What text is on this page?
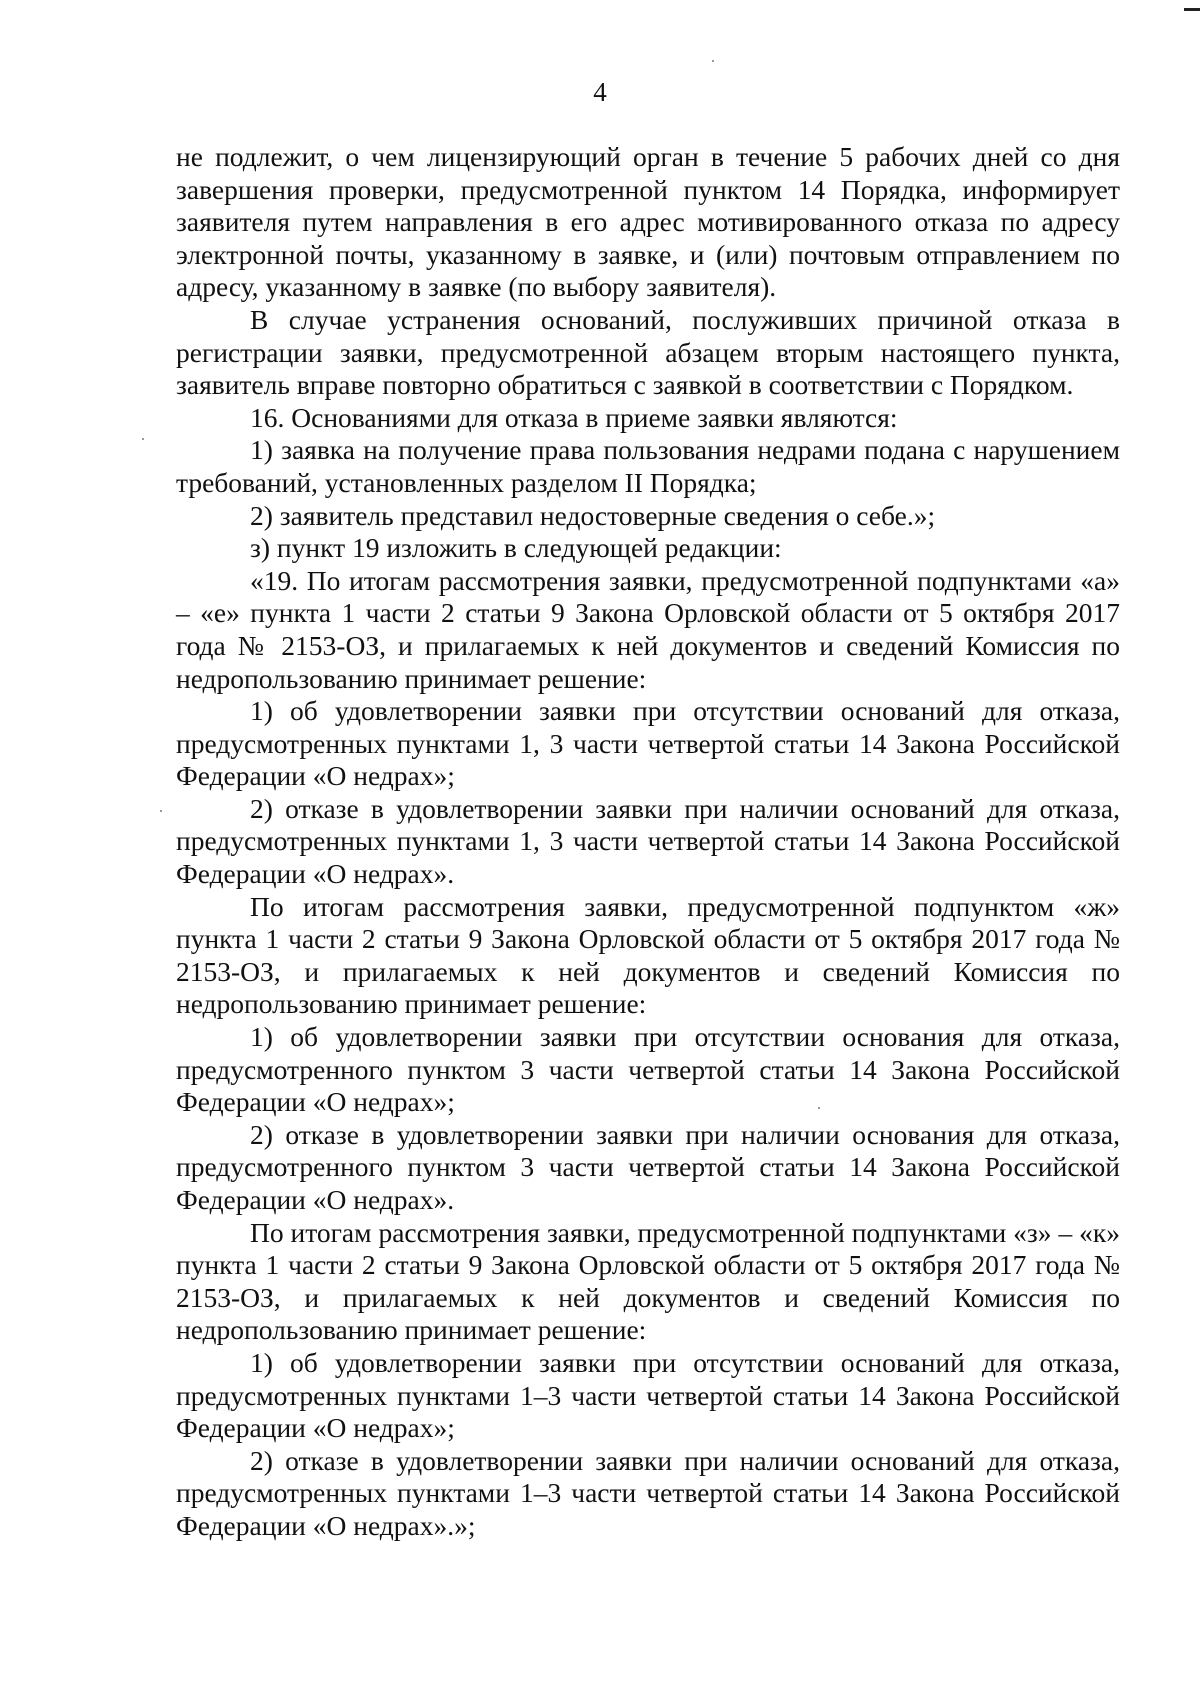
4

не подлежит, о чем лицензирующий орган в течение 5 рабочих дней со дня завершения проверки, предусмотренной пунктом 14 Порядка, информирует заявителя путем направления в его адрес мотивированного отказа по адресу электронной почты, указанному в заявке, и (или) почтовым отправлением по адресу, указанному в заявке (по выбору заявителя).

В случае устранения оснований, послуживших причиной отказа в регистрации заявки, предусмотренной абзацем вторым настоящего пункта, заявитель вправе повторно обратиться с заявкой в соответствии с Порядком.

16. Основаниями для отказа в приеме заявки являются:

1) заявка на получение права пользования недрами подана с нарушением требований, установленных разделом II Порядка;

2) заявитель представил недостоверные сведения о себе.»;

з) пункт 19 изложить в следующей редакции:

«19. По итогам рассмотрения заявки, предусмотренной подпунктами «а» – «е» пункта 1 части 2 статьи 9 Закона Орловской области от 5 октября 2017 года № 2153-ОЗ, и прилагаемых к ней документов и сведений Комиссия по недропользованию принимает решение:

1) об удовлетворении заявки при отсутствии оснований для отказа, предусмотренных пунктами 1, 3 части четвертой статьи 14 Закона Российской Федерации «О недрах»;

2) отказе в удовлетворении заявки при наличии оснований для отказа, предусмотренных пунктами 1, 3 части четвертой статьи 14 Закона Российской Федерации «О недрах».

По итогам рассмотрения заявки, предусмотренной подпунктом «ж» пункта 1 части 2 статьи 9 Закона Орловской области от 5 октября 2017 года № 2153-ОЗ, и прилагаемых к ней документов и сведений Комиссия по недропользованию принимает решение:

1) об удовлетворении заявки при отсутствии основания для отказа, предусмотренного пунктом 3 части четвертой статьи 14 Закона Российской Федерации «О недрах»;

2) отказе в удовлетворении заявки при наличии основания для отказа, предусмотренного пунктом 3 части четвертой статьи 14 Закона Российской Федерации «О недрах».

По итогам рассмотрения заявки, предусмотренной подпунктами «з» – «к» пункта 1 части 2 статьи 9 Закона Орловской области от 5 октября 2017 года № 2153-ОЗ, и прилагаемых к ней документов и сведений Комиссия по недропользованию принимает решение:

1) об удовлетворении заявки при отсутствии оснований для отказа, предусмотренных пунктами 1–3 части четвертой статьи 14 Закона Российской Федерации «О недрах»;

2) отказе в удовлетворении заявки при наличии оснований для отказа, предусмотренных пунктами 1–3 части четвертой статьи 14 Закона Российской Федерации «О недрах».»;
